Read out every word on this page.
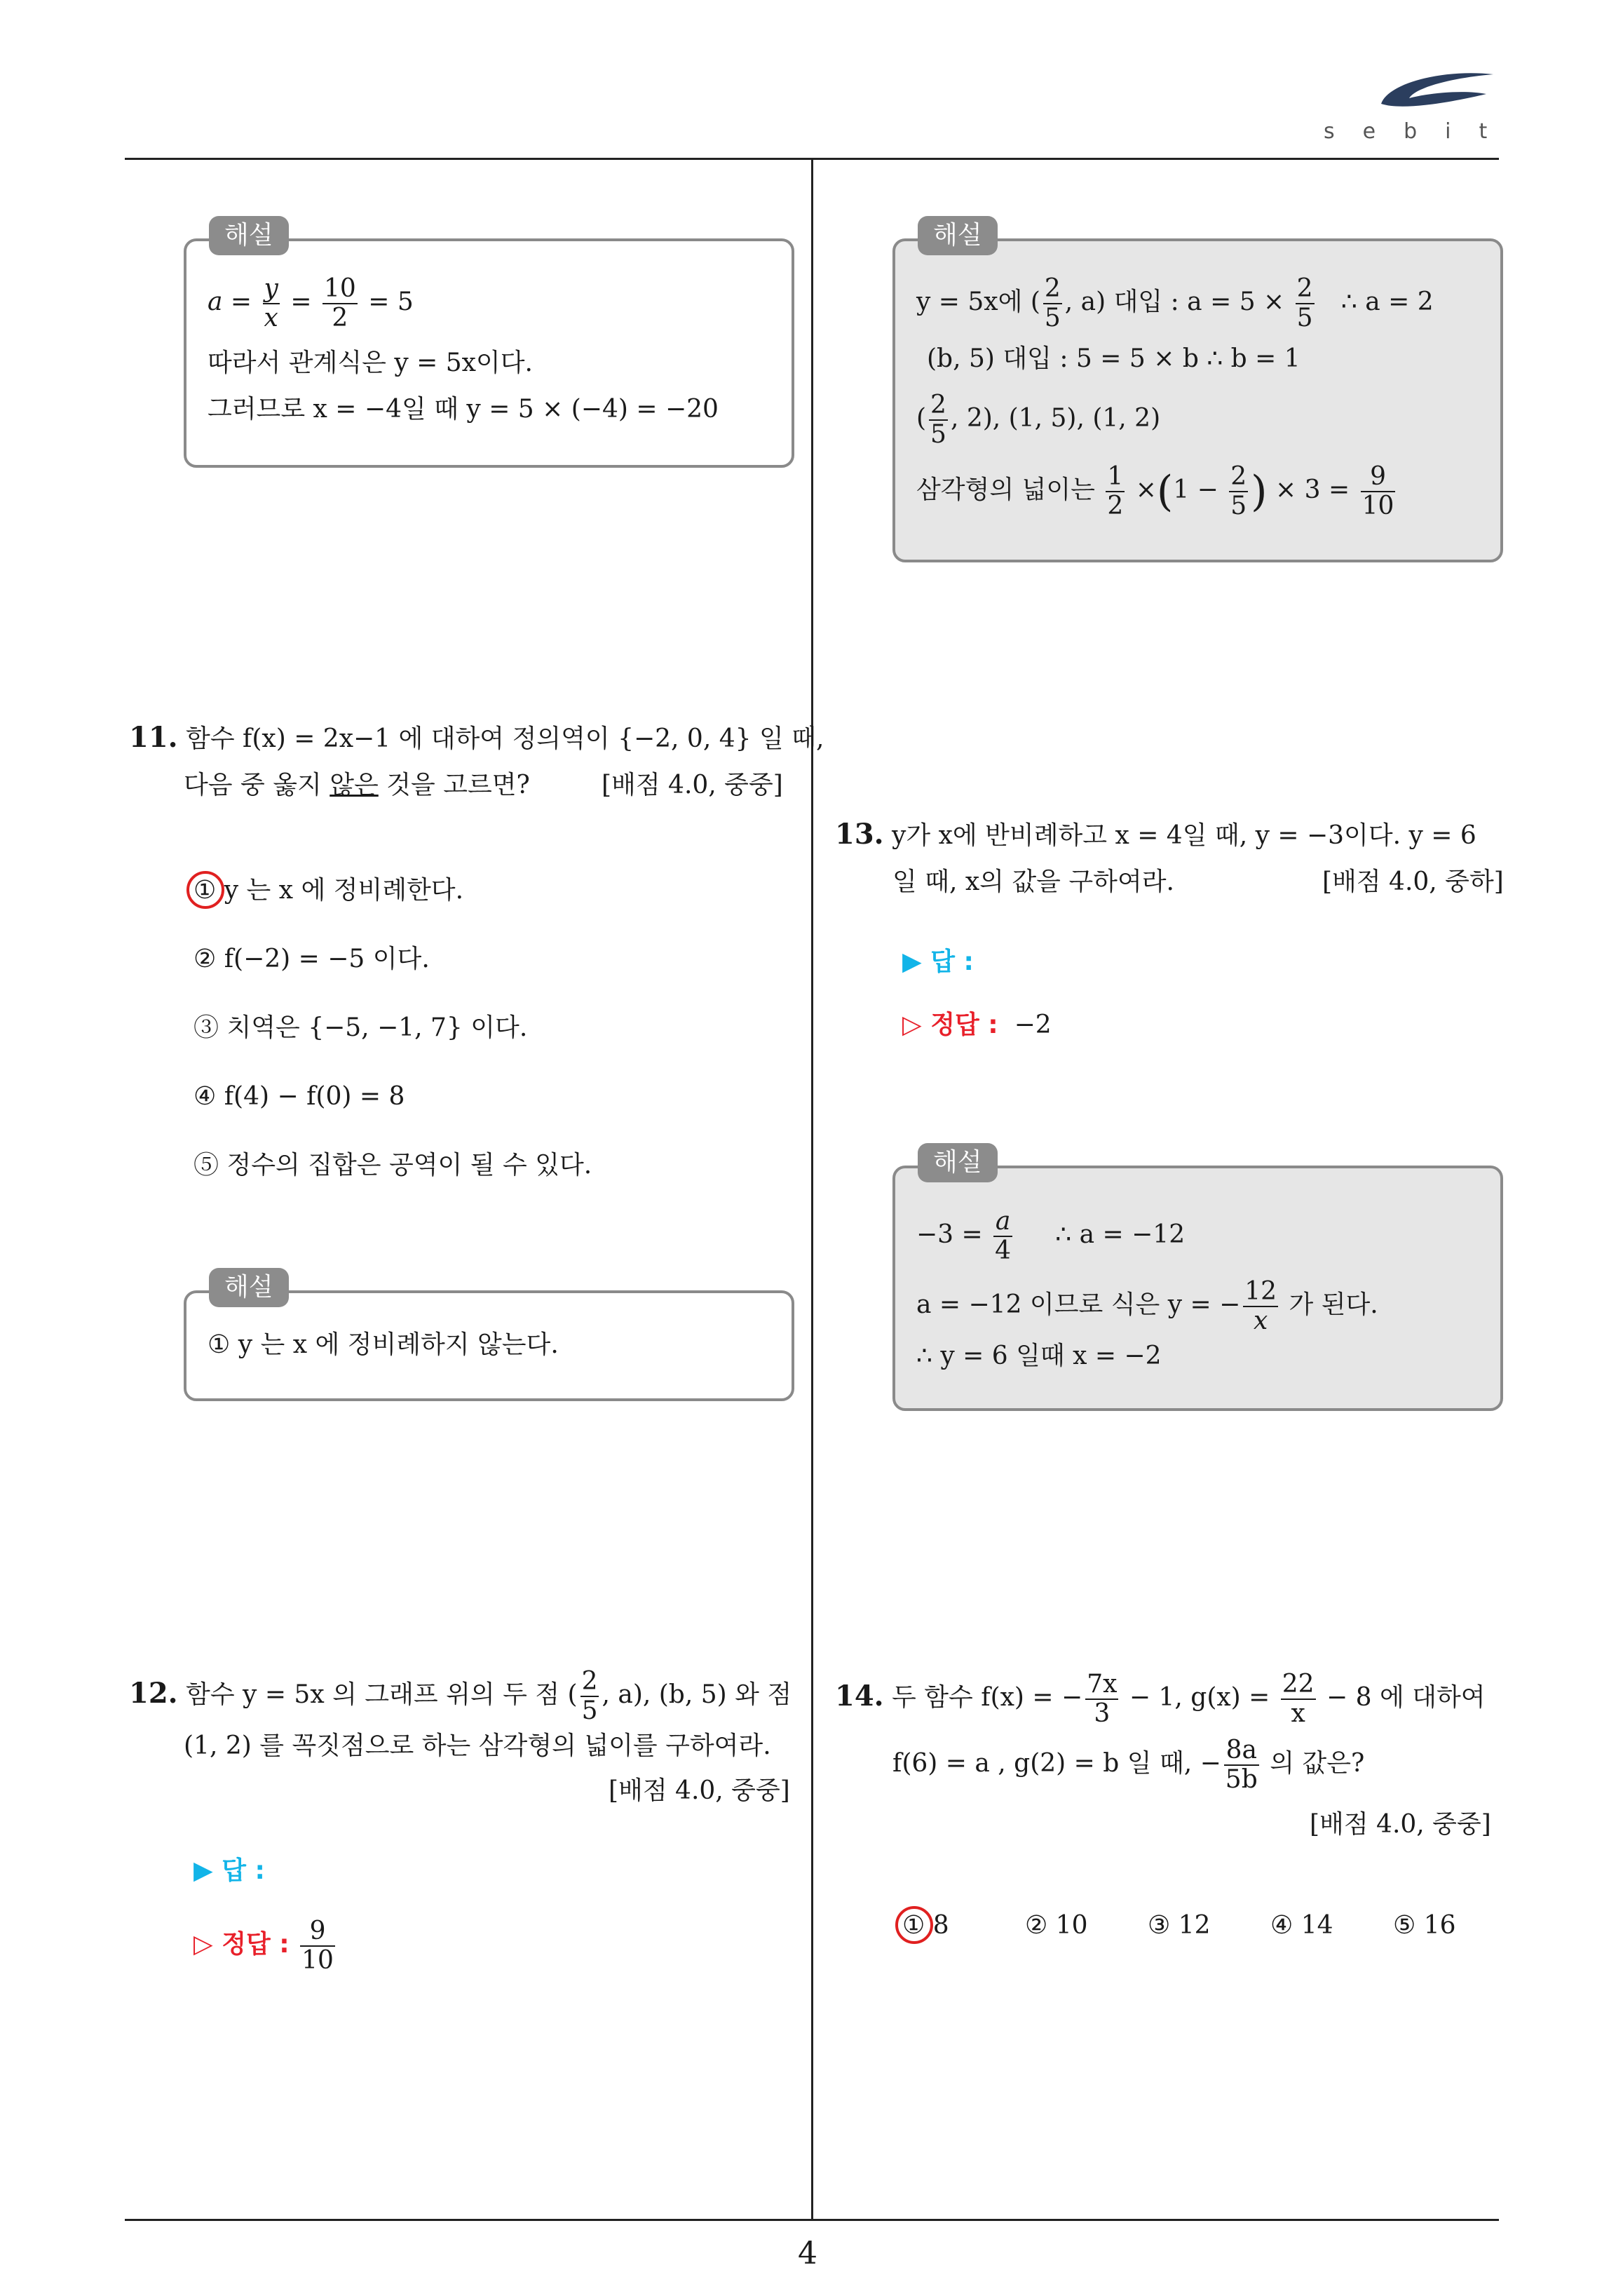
sebit
4
해설
$a = \frac{y}{x} = \frac{10}{2} = 5$
따라서 관계식은 y = 5x이다.
그러므로 x = −4일 때 y = 5 × (−4) = −20
11. 함수 f(x) = 2x−1 에 대하여 정의역이 {−2, 0, 4} 일 때,
다음 중 옳지 않은 것을 고르면?	[배점 4.0, 중중]
① y 는 x 에 정비례한다.
② f(−2) = −5 이다.
③ 치역은 {−5, −1, 7} 이다.
④ f(4) − f(0) = 8
⑤ 정수의 집합은 공역이 될 수 있다.
해설
① y 는 x 에 정비례하지 않는다.
12. 함수 y = 5x 의 그래프 위의 두 점 ( $\frac{2}{5}$ , a), (b, 5) 와 점
(1, 2) 를 꼭짓점으로 하는 삼각형의 넓이를 구하여라.
[배점 4.0, 중중]
▶ 답 :
▷ 정답 : $\frac{9}{10}$
해설
y = 5x에 ( $\frac{2}{5}$ , a) 대입 : $a = 5 \times \frac{2}{5}$ ∴ a = 2
(b, 5) 대입 : 5 = 5 × b ∴ b = 1
( $\frac{2}{5}$ , 2), (1, 5), (1, 2)
삼각형의 넓이는 $\frac{1}{2} \times(1 - \frac{2}{5}$ ) × $3 = \frac{9}{10}$
13. y가 x에 반비례하고 x = 4일 때, y = −3이다. y = 6
일 때, x의 값을 구하여라.	[배점 4.0, 중하]
▶ 답 :
▷ 정답 : −2
해설
$-3 = \frac{a}{4}$ ∴ a = −12
a = −12 이므로 식은 y = − $\frac{12}{x}$ 가 된다.
∴ y = 6 일때 x = −2
14. 두 함수 f(x) = − $\frac{7x}{3} - 1$, $g(x) = \frac{22}{x} - 8$ 에 대하여
f(6) = a , g(2) = b 일 때, − $\frac{8a}{5b}$ 의 값은?
[배점 4.0, 중중]
① 8	② 10 ③ 12 ④ 14 ⑤ 16
